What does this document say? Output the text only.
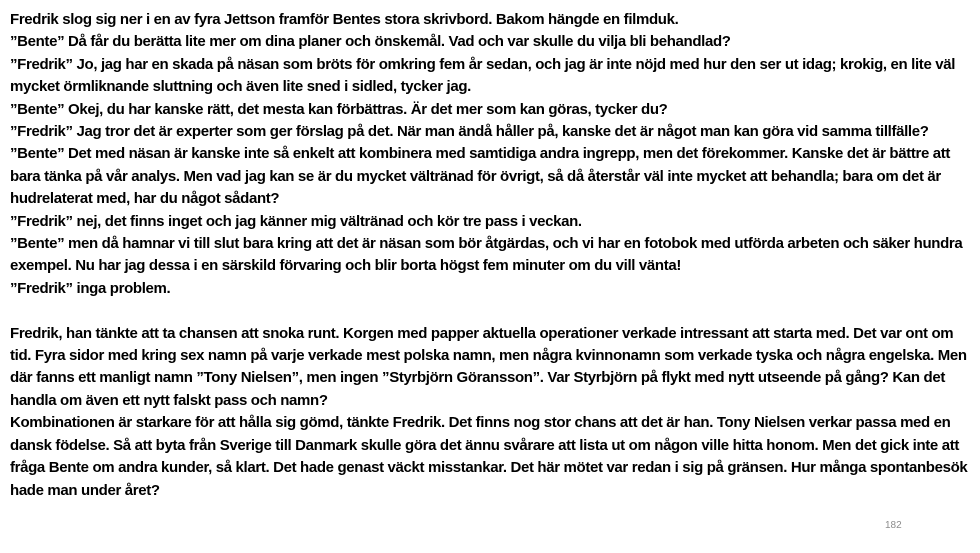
Fredrik slog sig ner i en av fyra Jettson framför Bentes stora skrivbord. Bakom hängde en filmduk.

”Bente” Då får du berätta lite mer om dina planer och önskemål. Vad och var skulle du vilja bli behandlad?

”Fredrik” Jo, jag har en skada på näsan som bröts för omkring fem år sedan, och jag är inte nöjd med hur den ser ut idag; krokig, en lite väl mycket örmliknande sluttning och även lite sned i sidled, tycker jag.

”Bente” Okej, du har kanske rätt, det mesta kan förbättras. Är det mer som kan göras, tycker du?

”Fredrik” Jag tror det är experter som ger förslag på det. När man ändå håller på, kanske det är något man kan göra vid samma tillfälle?

”Bente” Det med näsan är kanske inte så enkelt att kombinera med samtidiga andra ingrepp, men det förekommer. Kanske det är bättre att bara tänka på vår analys. Men vad jag kan se är du mycket vältränad för övrigt, så då återstår väl inte mycket att behandla; bara om det är hudrelaterat med, har du något sådant?

”Fredrik” nej, det finns inget och jag känner mig vältränad och kör tre pass i veckan.

”Bente” men då hamnar vi till slut bara kring att det är näsan som bör åtgärdas, och vi har en fotobok med utförda arbeten och säker hundra exempel. Nu har jag dessa i en särskild förvaring och blir borta högst fem minuter om du vill vänta!

”Fredrik” inga problem.

Fredrik, han tänkte att ta chansen att snoka runt. Korgen med papper aktuella operationer verkade intressant att starta med. Det var ont om tid. Fyra sidor med kring sex namn på varje verkade mest polska namn, men några kvinnonamn som verkade tyska och några engelska. Men där fanns ett manligt namn ”Tony Nielsen”, men ingen ”Styrbjörn Göransson”. Var Styrbjörn på flykt med nytt utseende på gång? Kan det handla om även ett nytt falskt pass och namn?

Kombinationen är starkare för att hålla sig gömd, tänkte Fredrik. Det finns nog stor chans att det är han. Tony Nielsen verkar passa med en dansk födelse. Så att byta från Sverige till Danmark skulle göra det ännu svårare att lista ut om någon ville hitta honom. Men det gick inte att fråga Bente om andra kunder, så klart. Det hade genast väckt misstankar. Det här mötet var redan i sig på gränsen. Hur många spontanbesök hade man under året?

182
